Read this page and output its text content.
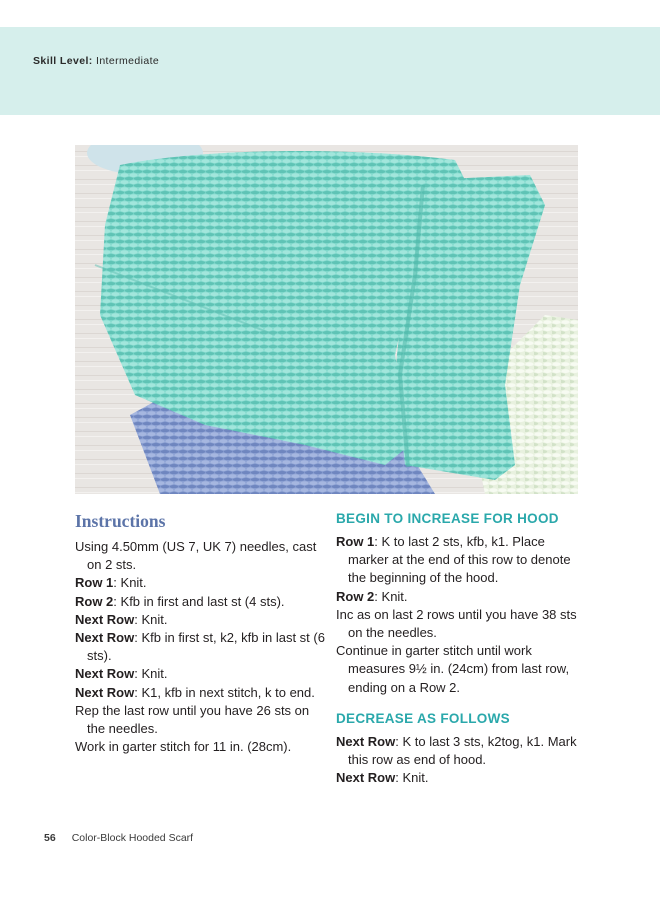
Skill Level: Intermediate
Instructions

Using 4.50mm (US 7, UK 7) needles, cast on 2 sts.

Row 1: Knit.

Row 2: Kfb in first and last st (4 sts).

Next Row: Knit.

Next Row: Kfb in first st, k2, kfb in last st (6 sts).

Next Row: Knit.

Next Row: K1, kfb in next stitch, k to end.

Rep the last row until you have 26 sts on the needles.

Work in garter stitch for 11 in. (28cm).

BEGIN TO INCREASE FOR HOOD

Row 1: K to last 2 sts, kfb, k1. Place marker at the end of this row to denote the beginning of the hood.

Row 2: Knit.

Inc as on last 2 rows until you have 38 sts on the needles.

Continue in garter stitch until work measures 9½ in. (24cm) from last row, ending on a Row 2.

DECREASE AS FOLLOWS

Next Row: K to last 3 sts, k2tog, k1. Mark this row as end of hood.

Next Row: Knit.

56 Color-Block Hooded Scarf
